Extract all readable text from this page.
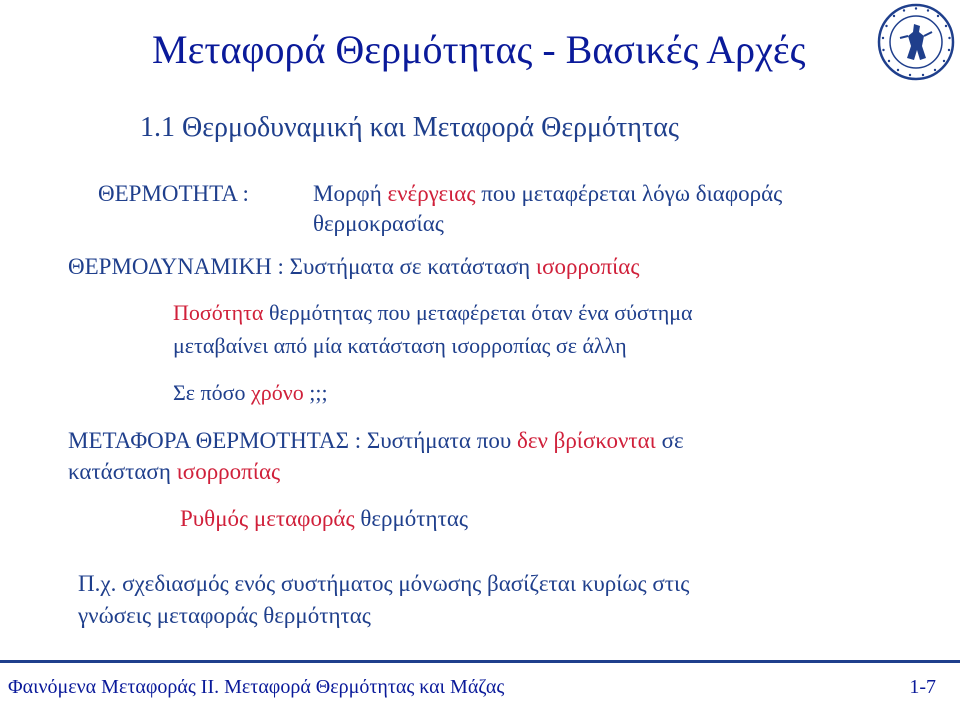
Μεταφορά Θερμότητας - Βασικές Αρχές
1.1 Θερμοδυναμική και Μεταφορά Θερμότητας
ΘΕΡΜΟΤΗΤΑ :	Μορφή ενέργειας που μεταφέρεται λόγω διαφοράς
θερμοκρασίας
ΘΕΡΜΟΔΥΝΑΜΙΚΗ : Συστήματα σε κατάσταση ισορροπίας
Ποσότητα θερμότητας που μεταφέρεται όταν ένα σύστημα
μεταβαίνει από μία κατάσταση ισορροπίας σε άλλη
Σε πόσο χρόνο ;;;
ΜΕΤΑΦΟΡΑ ΘΕΡΜΟΤΗΤΑΣ : Συστήματα που δεν βρίσκονται σε
κατάσταση ισορροπίας
Ρυθμός μεταφοράς θερμότητας
Π.χ. σχεδιασμός ενός συστήματος μόνωσης βασίζεται κυρίως στις
γνώσεις μεταφοράς θερμότητας
Φαινόμενα Μεταφοράς ΙΙ. Μεταφορά Θερμότητας και Μάζας	1-7
